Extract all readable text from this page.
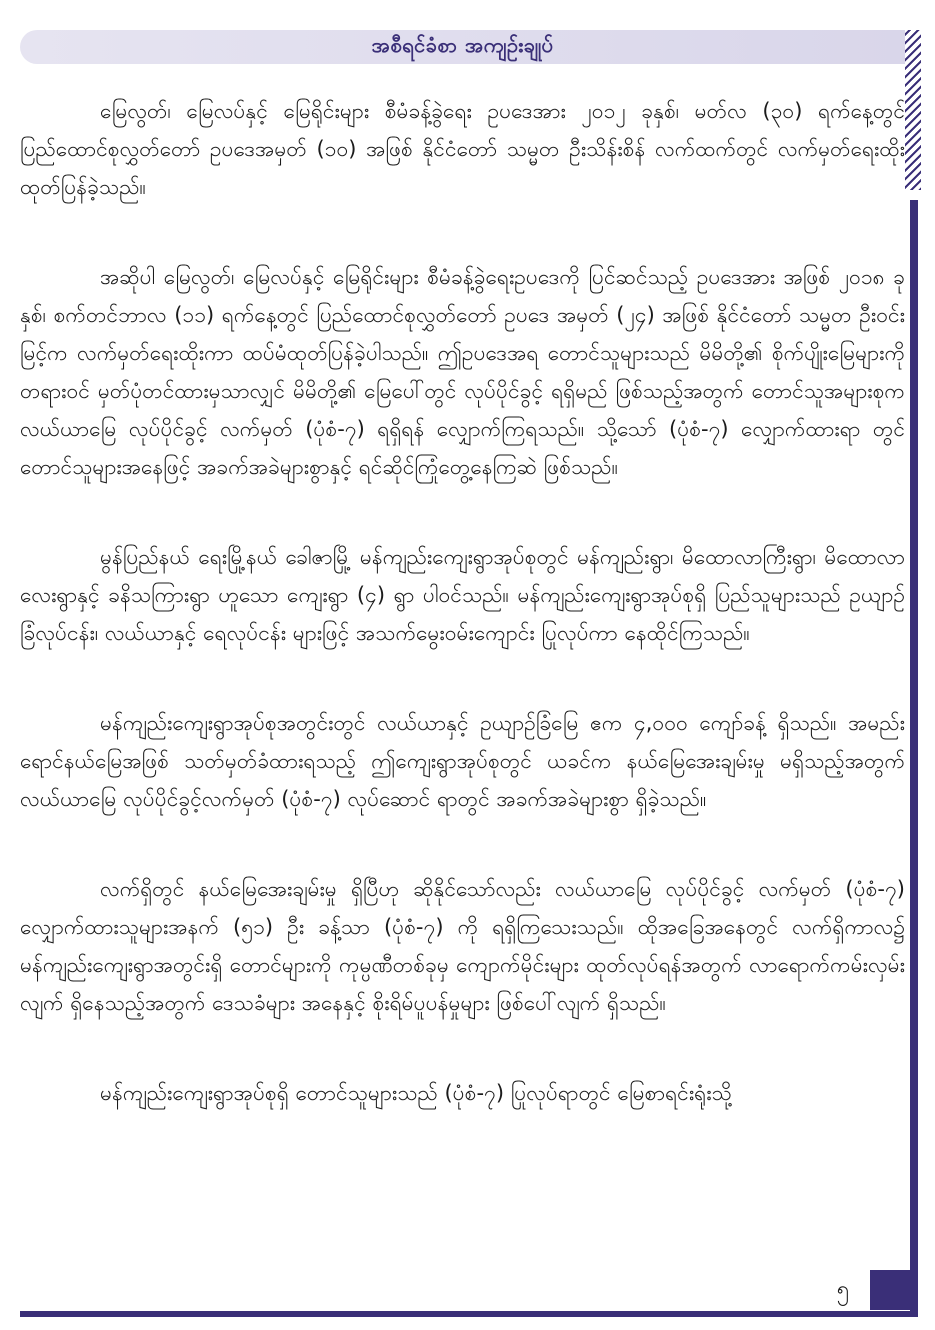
အစီရင်ခံစာ အကျဉ်းချုပ်

မြေလွတ်၊ မြေလပ်နှင့် မြေရိုင်းများ စီမံခန့်ခွဲရေး ဥပဒေအား ၂၀၁၂ ခုနှစ်၊ မတ်လ (၃၀) ရက်နေ့တွင် ပြည်ထောင်စုလွှတ်တော် ဥပဒေအမှတ် (၁၀) အဖြစ် နိုင်ငံတော် သမ္မတ ဦးသိန်းစိန် လက်ထက်တွင် လက်မှတ်ရေးထိုး ထုတ်ပြန်ခဲ့သည်။

အဆိုပါ မြေလွတ်၊ မြေလပ်နှင့် မြေရိုင်းများ စီမံခန့်ခွဲရေးဥပဒေကို ပြင်ဆင်သည့် ဥပဒေအား အဖြစ် ၂၀၁၈ ခုနှစ်၊ စက်တင်ဘာလ (၁၁) ရက်နေ့တွင် ပြည်ထောင်စုလွှတ်တော် ဥပဒေ အမှတ် (၂၄) အဖြစ် နိုင်ငံတော် သမ္မတ ဦးဝင်းမြင့်က လက်မှတ်ရေးထိုးကာ ထပ်မံထုတ်ပြန်ခဲ့ပါသည်။ ဤဥပဒေအရ တောင်သူများသည် မိမိတို့၏ စိုက်ပျိုးမြေများကို တရားဝင် မှတ်ပုံတင်ထားမှသာလျှင် မိမိတို့၏ မြေပေါ်တွင် လုပ်ပိုင်ခွင့် ရရှိမည် ဖြစ်သည့်အတွက် တောင်သူအများစုက လယ်ယာမြေ လုပ်ပိုင်ခွင့် လက်မှတ် (ပုံစံ-၇) ရရှိရန် လျှောက်ကြရသည်။ သို့သော် (ပုံစံ-၇) လျှောက်ထားရာ တွင် တောင်သူများအနေဖြင့် အခက်အခဲများစွာနှင့် ရင်ဆိုင်ကြုံတွေ့နေကြဆဲ ဖြစ်သည်။

မွန်ပြည်နယ် ရေးမြို့နယ် ခေါဇာမြို့ မန်ကျည်းကျေးရွာအုပ်စုတွင် မန်ကျည်းရွာ၊ မိထောလာကြီးရွာ၊ မိထောလာလေးရွာနှင့် ခနိသကြားရွာ ဟူသော ကျေးရွာ (၄) ရွာ ပါဝင်သည်။ မန်ကျည်းကျေးရွာအုပ်စုရှိ ပြည်သူများသည် ဥယျာဉ်ခြံလုပ်ငန်း၊ လယ်ယာနှင့် ရေလုပ်ငန်း များဖြင့် အသက်မွေးဝမ်းကျောင်း ပြုလုပ်ကာ နေထိုင်ကြသည်။

မန်ကျည်းကျေးရွာအုပ်စုအတွင်းတွင် လယ်ယာနှင့် ဥယျာဉ်ခြံမြေ ဧက ၄,၀၀၀ ကျော်ခန့် ရှိသည်။ အမည်းရောင်နယ်မြေအဖြစ် သတ်မှတ်ခံထားရသည့် ဤကျေးရွာအုပ်စုတွင် ယခင်က နယ်မြေအေးချမ်းမှု မရှိသည့်အတွက် လယ်ယာမြေ လုပ်ပိုင်ခွင့်လက်မှတ် (ပုံစံ-၇) လုပ်ဆောင် ရာတွင် အခက်အခဲများစွာ ရှိခဲ့သည်။

လက်ရှိတွင် နယ်မြေအေးချမ်းမှု ရှိပြီဟု ဆိုနိုင်သော်လည်း လယ်ယာမြေ လုပ်ပိုင်ခွင့် လက်မှတ် (ပုံစံ-၇) လျှောက်ထားသူများအနက် (၅၁) ဦး ခန့်သာ (ပုံစံ-၇) ကို ရရှိကြသေးသည်။ ထိုအခြေအနေတွင် လက်ရှိကာလ၌ မန်ကျည်းကျေးရွာအတွင်းရှိ တောင်များကို ကုမ္ပဏီတစ်ခုမှ ကျောက်မိုင်းများ ထုတ်လုပ်ရန်အတွက် လာရောက်ကမ်းလှမ်းလျက် ရှိနေသည့်အတွက် ဒေသခံများ အနေနှင့် စိုးရိမ်ပူပန်မှုများ ဖြစ်ပေါ်လျက် ရှိသည်။

မန်ကျည်းကျေးရွာအုပ်စုရှိ တောင်သူများသည် (ပုံစံ-၇) ပြုလုပ်ရာတွင် မြေစာရင်းရုံးသို့

၅
